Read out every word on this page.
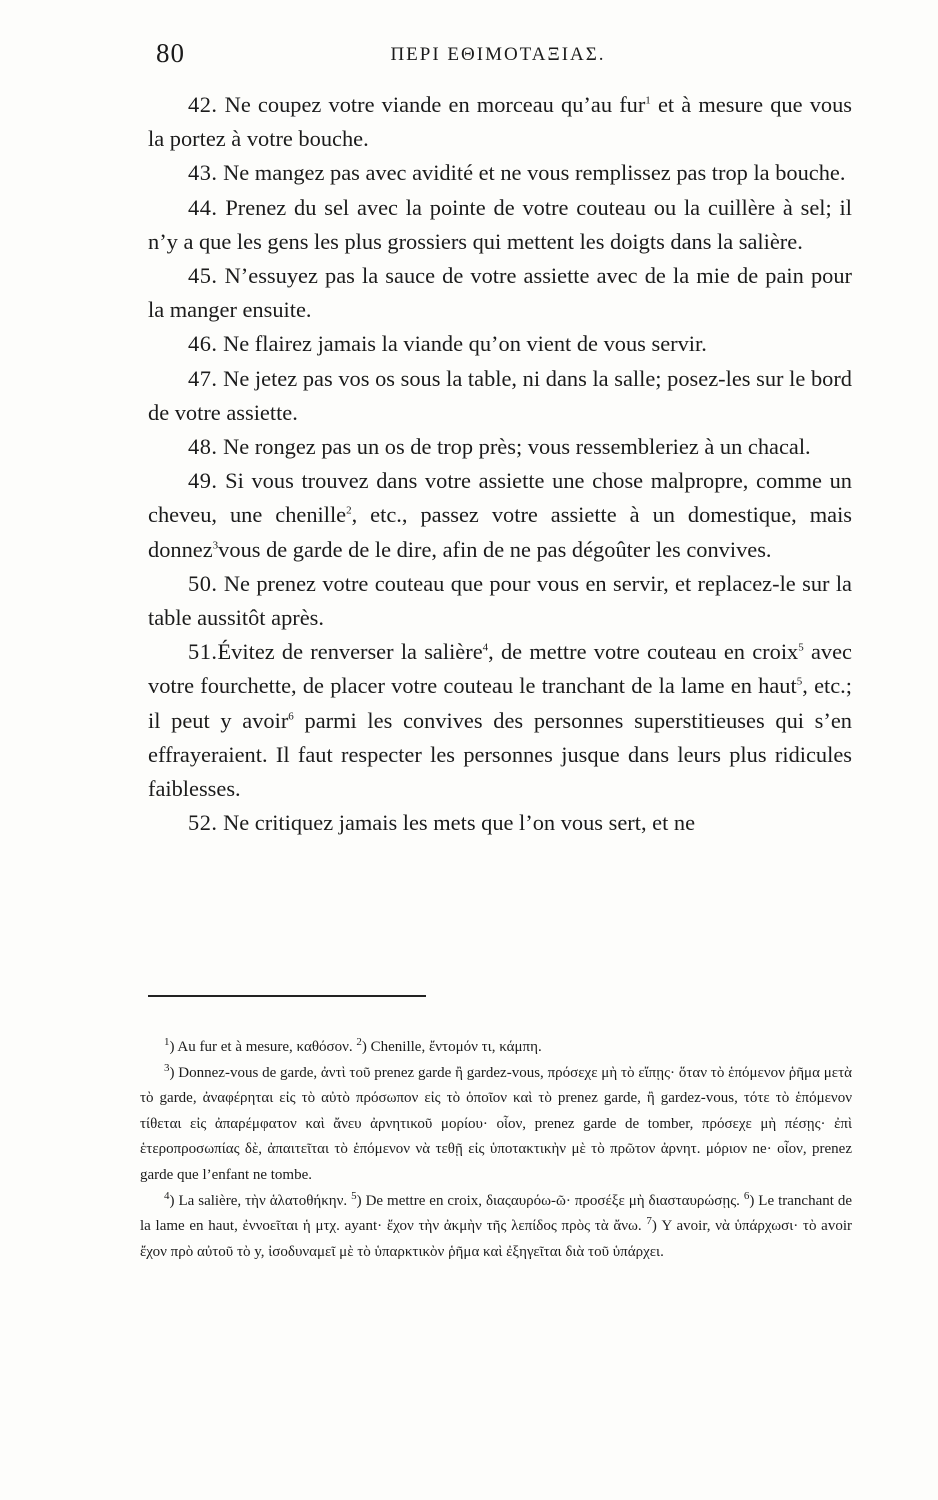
80	ΠΕΡΙ ΕΘΙΜΟΤΑΞΙΑΣ.

42. Ne coupez votre viande en morceau qu’au fur$^1$ et à mesure que vous la portez à votre bouche.

43. Ne mangez pas avec avidité et ne vous remplissez pas trop la bouche.

44. Prenez du sel avec la pointe de votre couteau ou la cuillère à sel; il n’y a que les gens les plus grossiers qui mettent les doigts dans la salière.

45. N’essuyez pas la sauce de votre assiette avec de la mie de pain pour la manger ensuite.

46. Ne flairez jamais la viande qu’on vient de vous servir.

47. Ne jetez pas vos os sous la table, ni dans la salle; posez-les sur le bord de votre assiette.

48. Ne rongez pas un os de trop près; vous ressembleriez à un chacal.

49. Si vous trouvez dans votre assiette une chose malpropre, comme un cheveu, une chenille$^2$, etc., passez votre assiette à un domestique, mais donnez$^3$vous de garde de le dire, afin de ne pas dégoûter les convives.

50. Ne prenez votre couteau que pour vous en servir, et replacez-le sur la table aussitôt après.

51.Évitez de renverser la salière$^4$, de mettre votre couteau en croix$^5$ avec votre fourchette, de placer votre couteau le tranchant de la lame en haut$^5$, etc.; il peut y avoir$^6$ parmi les convives des personnes superstitieuses qui s’en effrayeraient. Il faut respecter les personnes jusque dans leurs plus ridicules faiblesses.

52. Ne critiquez jamais les mets que l’on vous sert, et ne

$^1$) Au fur et à mesure, καθόσον. $^2$) Chenille, ἔντομόν τι, κάμπη.

$^3$) Donnez-vous de garde, ἀντὶ τοῦ prenez garde ἢ gardez-vous, πρόσεχε μὴ τὸ εἴπῃς· ὅταν τὸ ἑπόμενον ῥῆμα μετὰ τὸ garde, ἀναφέρηται εἰς τὸ αὐτὸ πρόσωπον εἰς τὸ ὁποῖον καὶ τὸ prenez garde, ἢ gardez-vous, τότε τὸ ἑπόμενον τίθεται εἰς ἀπαρέμφατον καὶ ἄνευ ἀρνητικοῦ μορίου· οἷον, prenez garde de tomber, πρόσεχε μὴ πέσῃς· ἐπὶ ἑτεροπροσωπίας δὲ, ἀπαιτεῖται τὸ ἑπόμενον νὰ τεθῇ εἰς ὑποτακτικὴν μὲ τὸ πρῶτον ἀρνητ. μόριον ne· οἷον, prenez garde que l’enfant ne tombe.

$^4$) La salière, τὴν ἁλατοθήκην. $^5$) De mettre en croix, διαςαυρόω-ῶ· προσέξε μὴ διασταυρώσῃς. $^6$) Le tranchant de la lame en haut, ἐννοεῖται ἡ μτχ. ayant· ἔχον τὴν ἀκμὴν τῆς λεπίδος πρὸς τὰ ἄνω. $^7$) Y avoir, νὰ ὑπάρχωσι· τὸ avoir ἔχον πρὸ αὐτοῦ τὸ y, ἰσοδυναμεῖ μὲ τὸ ὑπαρκτικὸν ῥῆμα καὶ ἐξηγεῖται διὰ τοῦ ὑπάρχει.
